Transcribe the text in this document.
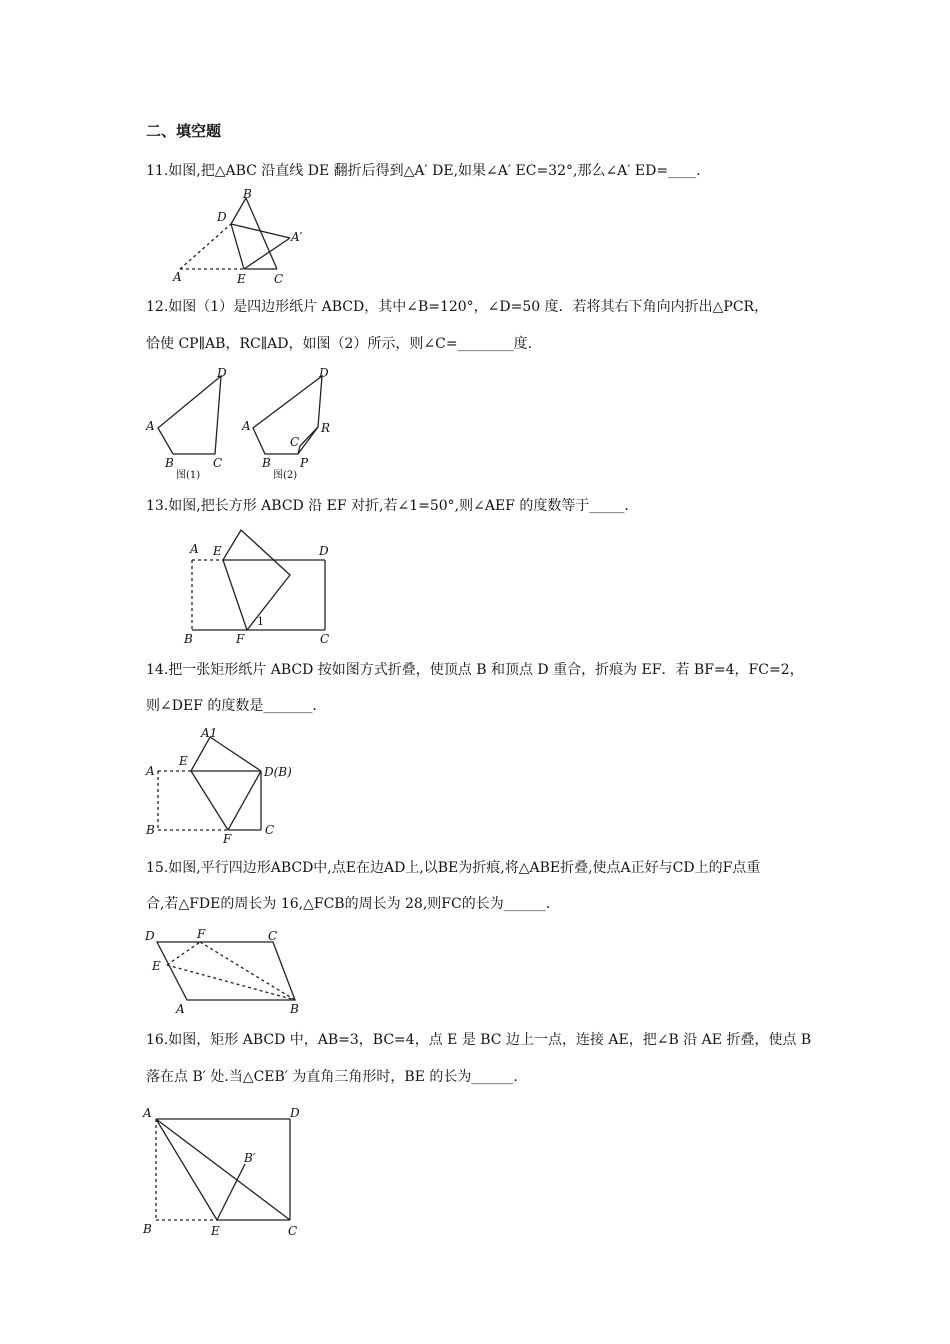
二、填空题
11.如图,把△ABC 沿直线 DE 翻折后得到△A′ DE,如果∠A′ EC=32°,那么∠A′ ED=____.
A
B
D
A′
E C
12.如图（1）是四边形纸片 ABCD，其中∠B=120°，∠D=50 度．若将其右下角向内折出△PCR，
恰使 CP∥AB，RC∥AD，如图（2）所示，则∠C=________度.
A
B	C
D
图(1)
A
B
C
D
P
R
图(2)
13.如图,把长方形 ABCD 沿 EF 对折,若∠1=50°,则∠AEF 的度数等于_____.
A E	D
B	F	C
1
14.把一张矩形纸片 ABCD 按如图方式折叠，使顶点 B 和顶点 D 重合，折痕为 EF．若 BF=4，FC=2，
则∠DEF 的度数是_______.
A
A1
E
D(B)
B
F
C
15.如图,平行四边形ABCD中,点E在边AD上,以BE为折痕,将△ABE折叠,使点A正好与CD上的F点重
合,若△FDE的周长为 16,△FCB的周长为 28,则FC的长为______.
D	F	C
E
A	B
16.如图，矩形 ABCD 中，AB=3，BC=4，点 E 是 BC 边上一点，连接 AE，把∠B 沿 AE 折叠，使点 B
落在点 B′ 处.当△CEB′ 为直角三角形时，BE 的长为______.
A	D
B′
B	E	C
